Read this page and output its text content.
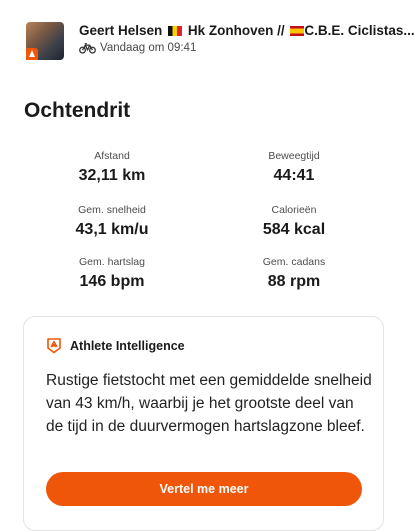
Geert Helsen Hk Zonhoven // C.B.E. Ciclistas...
Vandaag om 09:41
Ochtendrit
Afstand
32,11 km
Beweegtijd
44:41
Gem. snelheid
43,1 km/u
Calorieën
584 kcal
Gem. hartslag
146 bpm
Gem. cadans
88 rpm
Athlete Intelligence

Rustige fietstocht met een gemiddelde snelheid van 43 km/h, waarbij je het grootste deel van de tijd in de duurvermogen hartslagzone bleef.

Vertel me meer
